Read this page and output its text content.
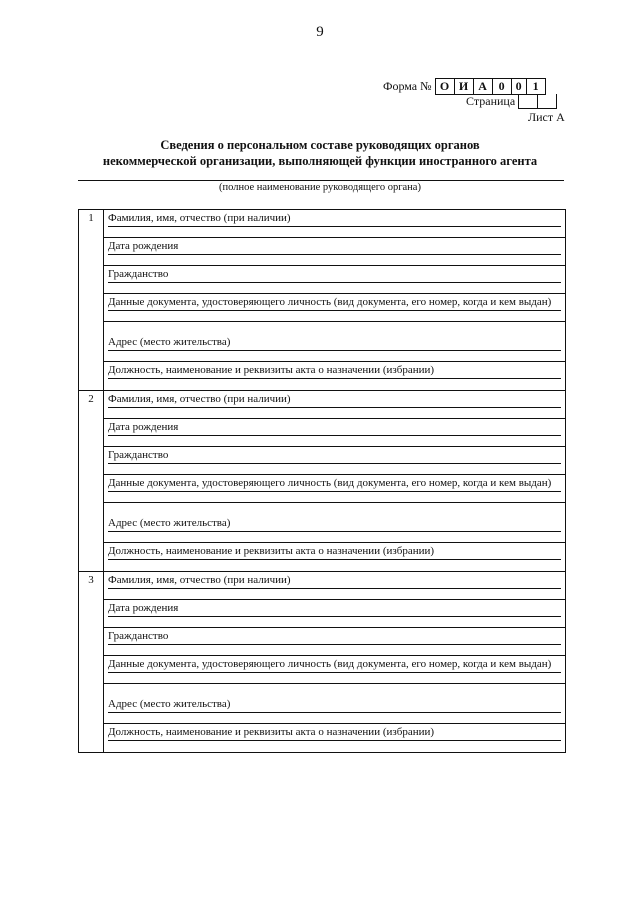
9
Форма № О И А 0 0 1
Страница
Лист А
Сведения о персональном составе руководящих органов
некоммерческой организации, выполняющей функции иностранного агента
(полное наименование руководящего органа)
1	Фамилия, имя, отчество (при наличии)
Дата рождения
Гражданство
Данные документа, удостоверяющего личность (вид документа, его номер, когда и кем выдан)
Адрес (место жительства)
Должность, наименование и реквизиты акта о назначении (избрании)
2	Фамилия, имя, отчество (при наличии)
Дата рождения
Гражданство
Данные документа, удостоверяющего личность (вид документа, его номер, когда и кем выдан)
Адрес (место жительства)
Должность, наименование и реквизиты акта о назначении (избрании)
3	Фамилия, имя, отчество (при наличии)
Дата рождения
Гражданство
Данные документа, удостоверяющего личность (вид документа, его номер, когда и кем выдан)
Адрес (место жительства)
Должность, наименование и реквизиты акта о назначении (избрании)
